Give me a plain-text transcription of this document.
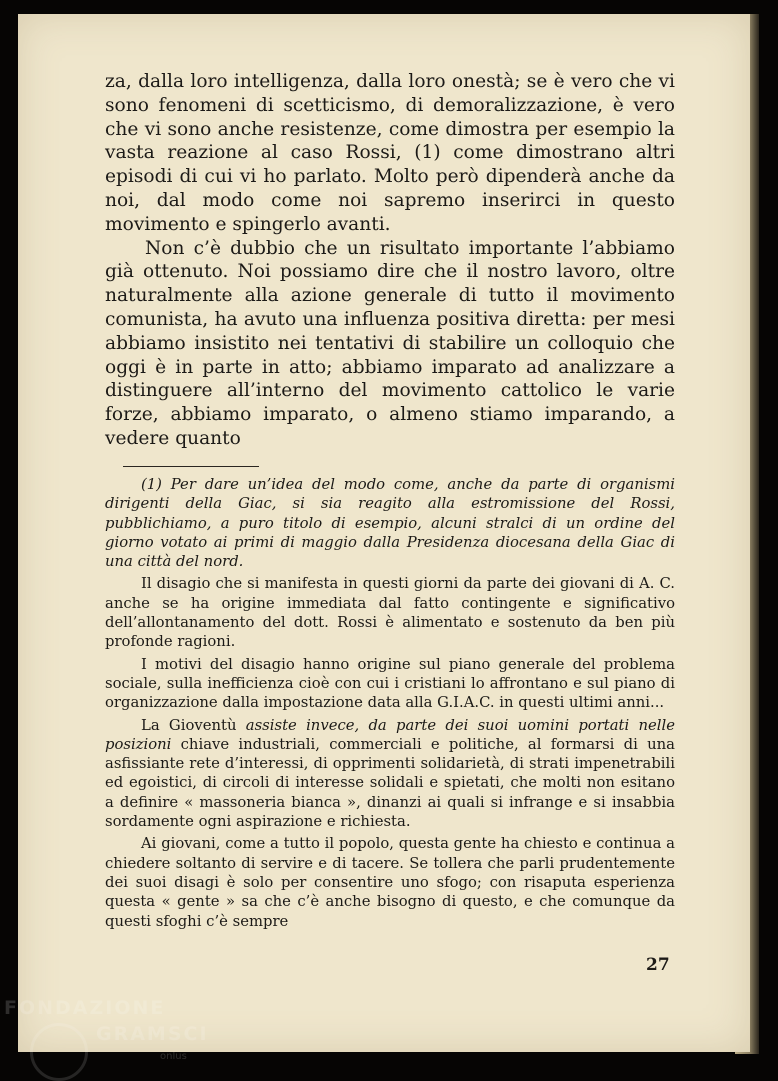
za, dalla loro intelligenza, dalla loro onestà; se è vero che vi sono fenomeni di scetticismo, di demoralizzazione, è vero che vi sono anche resistenze, come dimostra per esempio la vasta reazione al caso Rossi, (1) come dimostrano altri episodi di cui vi ho parlato. Molto però dipenderà anche da noi, dal modo come noi sapremo inserirci in questo movimento e spingerlo avanti.

Non c’è dubbio che un risultato importante l’abbiamo già ottenuto. Noi possiamo dire che il nostro lavoro, oltre naturalmente alla azione generale di tutto il movimento comunista, ha avuto una influenza positiva diretta: per mesi abbiamo insistito nei tentativi di stabilire un colloquio che oggi è in parte in atto; abbiamo imparato ad analizzare a distinguere all’interno del movimento cattolico le varie forze, abbiamo imparato, o almeno stiamo imparando, a vedere quanto

(1) Per dare un’idea del modo come, anche da parte di organismi dirigenti della Giac, si sia reagito alla estromissione del Rossi, pubblichiamo, a puro titolo di esempio, alcuni stralci di un ordine del giorno votato ai primi di maggio dalla Presidenza diocesana della Giac di una città del nord.

Il disagio che si manifesta in questi giorni da parte dei giovani di A. C. anche se ha origine immediata dal fatto contingente e significativo dell’allontanamento del dott. Rossi è alimentato e sostenuto da ben più profonde ragioni.

I motivi del disagio hanno origine sul piano generale del problema sociale, sulla inefficienza cioè con cui i cristiani lo affrontano e sul piano di organizzazione dalla impostazione data alla G.I.A.C. in questi ultimi anni...

La Gioventù assiste invece, da parte dei suoi uomini portati nelle posizioni chiave industriali, commerciali e politiche, al formarsi di una asfissiante rete d’interessi, di opprimenti solidarietà, di strati impenetrabili ed egoistici, di circoli di interesse solidali e spietati, che molti non esitano a definire « massoneria bianca », dinanzi ai quali si infrange e si insabbia sordamente ogni aspirazione e richiesta.

Ai giovani, come a tutto il popolo, questa gente ha chiesto e continua a chiedere soltanto di servire e di tacere. Se tollera che parli prudentemente dei suoi disagi è solo per consentire uno sfogo; con risaputa esperienza questa « gente » sa che c’è anche bisogno di questo, e che comunque da questi sfoghi c’è sempre

27
FONDAZIONE
GRAMSCI
onlus
